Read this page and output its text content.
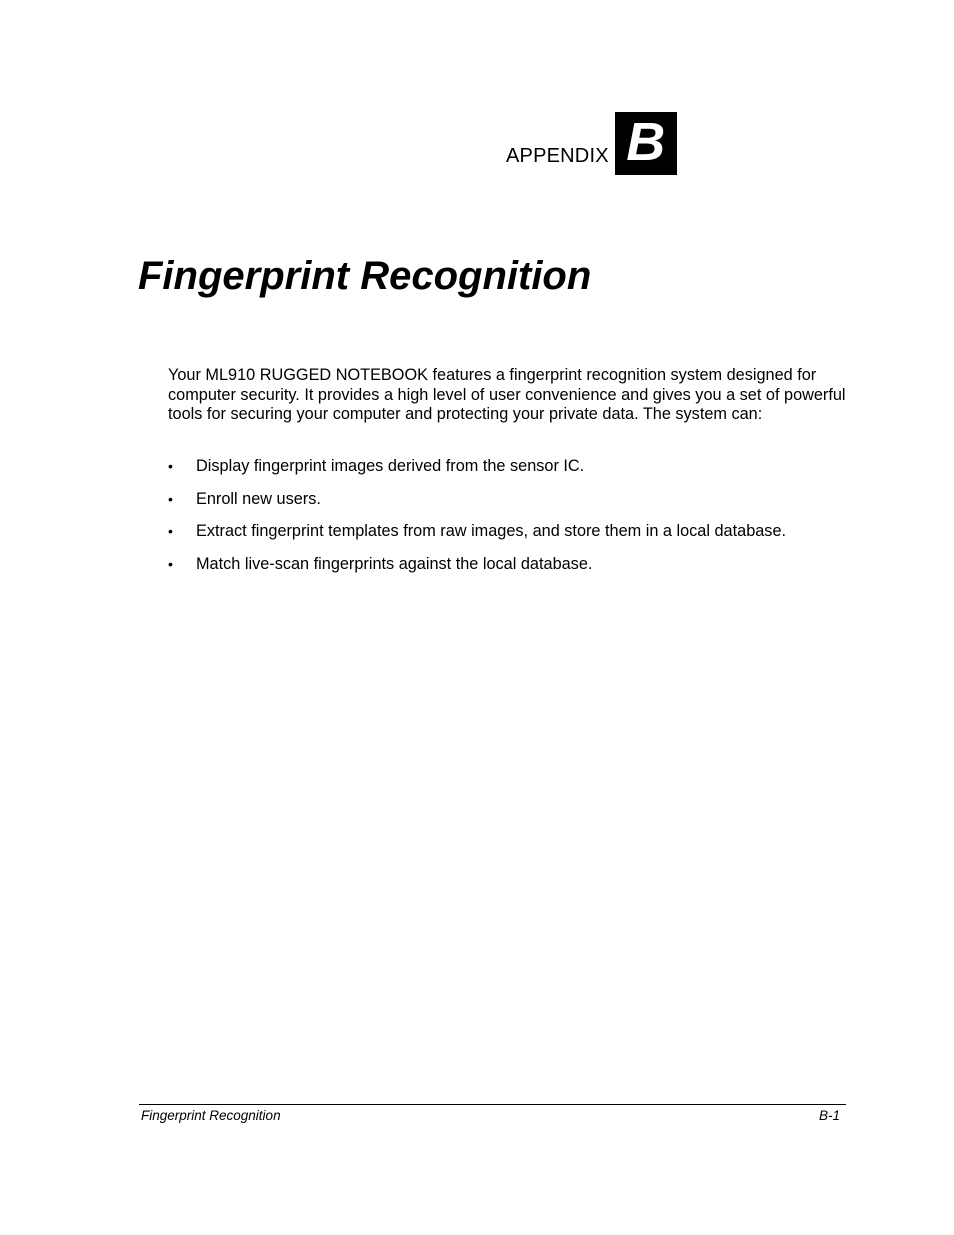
APPENDIX B
Fingerprint Recognition

Your ML910 RUGGED NOTEBOOK features a fingerprint recognition system designed for computer security. It provides a high level of user convenience and gives you a set of powerful tools for securing your computer and protecting your private data. The system can:

•	Display fingerprint images derived from the sensor IC.
•	Enroll new users.
•	Extract fingerprint templates from raw images, and store them in a local database.
•	Match live-scan fingerprints against the local database.
Fingerprint Recognition	B-1
